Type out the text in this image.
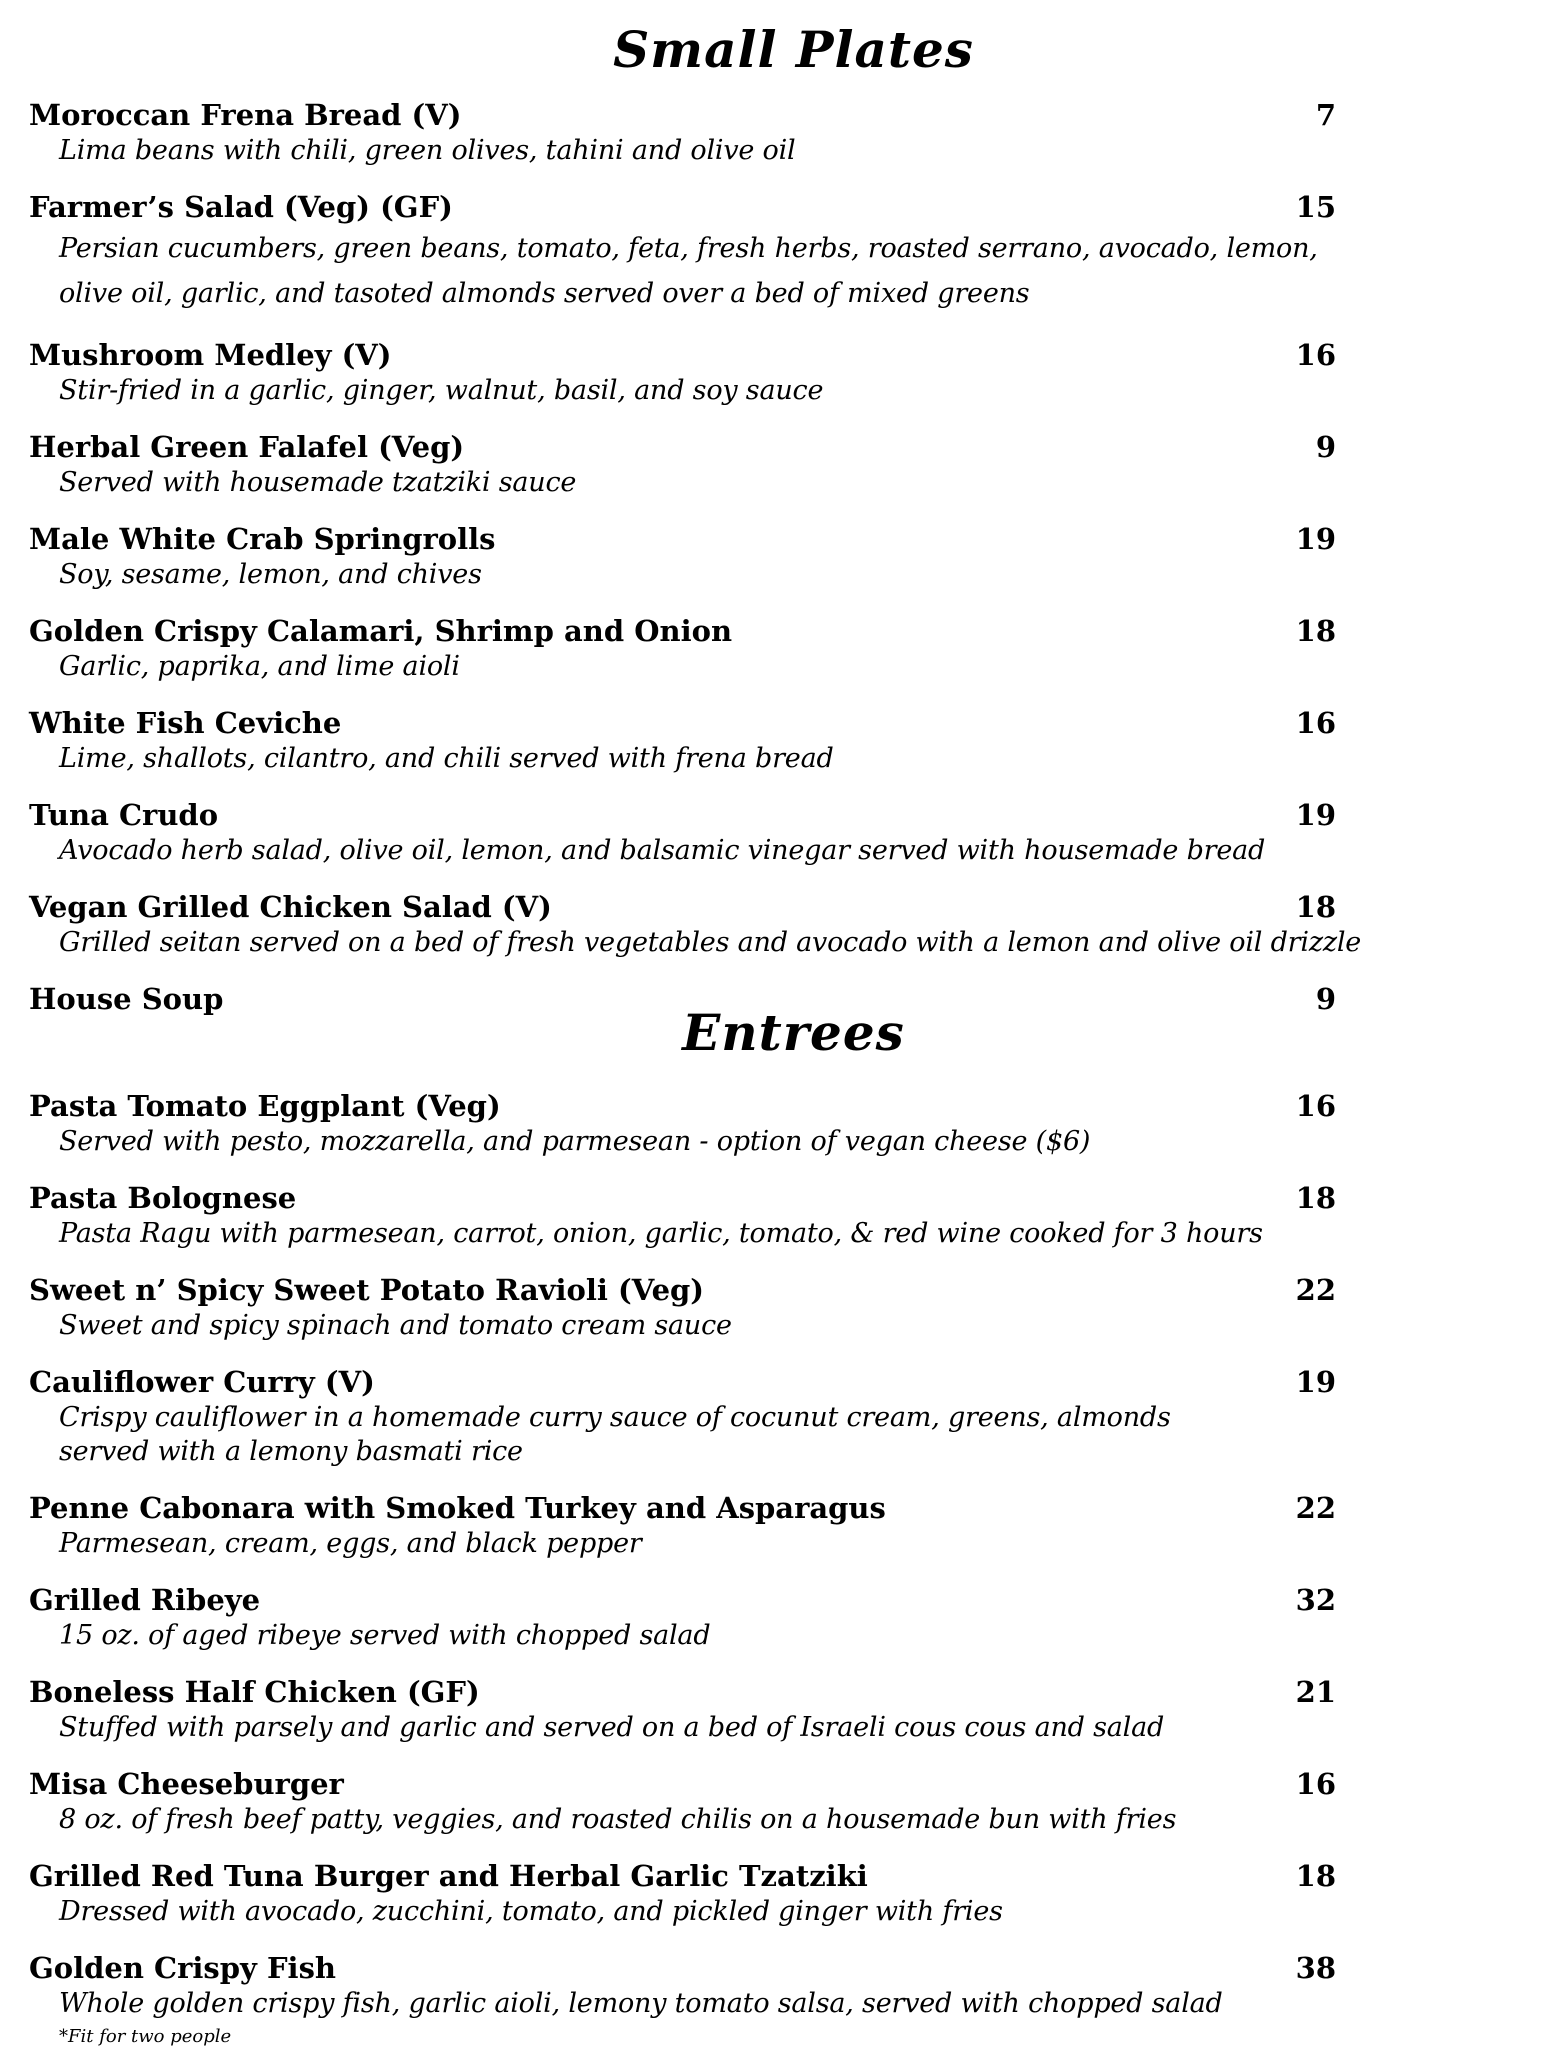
Small Plates
Moroccan Frena Bread (V)	7
Lima beans with chili, green olives, tahini and olive oil
Farmer’s Salad (Veg) (GF)	15
Persian cucumbers, green beans, tomato, feta, fresh herbs, roasted serrano, avocado, lemon,
olive oil, garlic, and tasoted almonds served over a bed of mixed greens
Mushroom Medley (V)	16
Stir-fried in a garlic, ginger, walnut, basil, and soy sauce
Herbal Green Falafel (Veg)	9
Served with housemade tzatziki sauce
Male White Crab Springrolls	19
Soy, sesame, lemon, and chives
Golden Crispy Calamari, Shrimp and Onion	18
Garlic, paprika, and lime aioli
White Fish Ceviche	16
Lime, shallots, cilantro, and chili served with frena bread
Tuna Crudo	19
Avocado herb salad, olive oil, lemon, and balsamic vinegar served with housemade bread
Vegan Grilled Chicken Salad (V)	18
Grilled seitan served on a bed of fresh vegetables and avocado with a lemon and olive oil drizzle
House Soup	9
Entrees
Pasta Tomato Eggplant (Veg)	16
Served with pesto, mozzarella, and parmesean - option of vegan cheese ($6)
Pasta Bolognese	18
Pasta Ragu with parmesean, carrot, onion, garlic, tomato, & red wine cooked for 3 hours
Sweet n’ Spicy Sweet Potato Ravioli (Veg)	22
Sweet and spicy spinach and tomato cream sauce
Cauliflower Curry (V)	19
Crispy cauliflower in a homemade curry sauce of cocunut cream, greens, almonds
served with a lemony basmati rice
Penne Cabonara with Smoked Turkey and Asparagus	22
Parmesean, cream, eggs, and black pepper
Grilled Ribeye	32
15 oz. of aged ribeye served with chopped salad
Boneless Half Chicken (GF)	21
Stuffed with parsely and garlic and served on a bed of Israeli cous cous and salad
Misa Cheeseburger	16
8 oz. of fresh beef patty, veggies, and roasted chilis on a housemade bun with fries
Grilled Red Tuna Burger and Herbal Garlic Tzatziki	18
Dressed with avocado, zucchini, tomato, and pickled ginger with fries
Golden Crispy Fish	38
Whole golden crispy fish, garlic aioli, lemony tomato salsa, served with chopped salad
*Fit for two people
